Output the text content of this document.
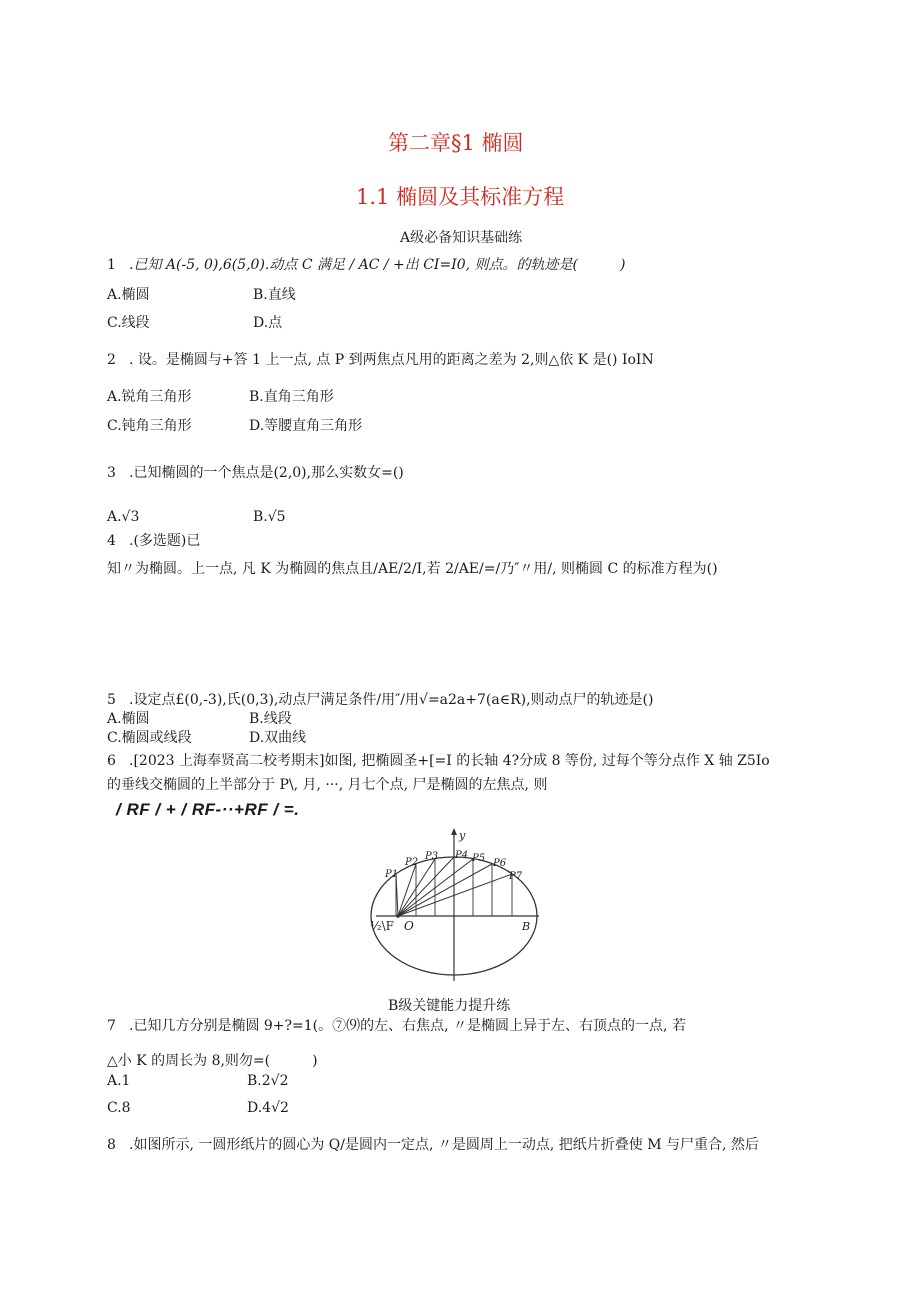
第二章§1 椭圆
1.1 椭圆及其标准方程
A级必备知识基础练
1 .已知 A(-5, 0),6(5,0).动点 C 满足 / AC / +出 CI=I0, 则点。的轨迹是(　　　)
A.椭圆	B.直线
C.线段	D.点
2 . 设。是椭圆与+答 1 上一点, 点 P 到两焦点凡用的距离之差为 2,则△依 K 是() IoIN
A.锐角三角形	B.直角三角形
C.钝角三角形	D.等腰直角三角形
3 .已知椭圆的一个焦点是(2,0),那么实数女=()
A.√3	B.√5
4 .(多选题)已
知〃为椭圆。上一点, 凡 K 为椭圆的焦点且/AE/2/I,若 2/AE/=/乃″〃用/, 则椭圆 C 的标准方程为()
5 .设定点£(0,-3),氏(0,3),动点尸满足条件/用″/用√=a2a+7(a∈R),则动点尸的轨迹是()
A.椭圆	B.线段
C.椭圆或线段	D.双曲线
6 .[2023 上海奉贤高二校考期末]如图, 把椭圆圣+[=I 的长轴 4?分成 8 等份, 过每个等分点作 X 轴 Z5Io
的垂线交椭圆的上半部分于 P\, 月, ···, 月七个点, 尸是椭圆的左焦点, 则
/ RF / + / RF-··+RF / =.
y
P1
P2
P3 P4 P5 P6
P7
½\F O	B
B级关键能力提升练
7 .已知几方分别是椭圆 9+?=1(。⑦⑼的左、右焦点, 〃是椭圆上异于左、右顶点的一点, 若
△小 K 的周长为 8,则勿=(　　　)
A.1	B.2√2
C.8	D.4√2
8 .如图所示, 一圆形纸片的圆心为 Q/是圆内一定点, 〃是圆周上一动点, 把纸片折叠使 M 与尸重合, 然后
